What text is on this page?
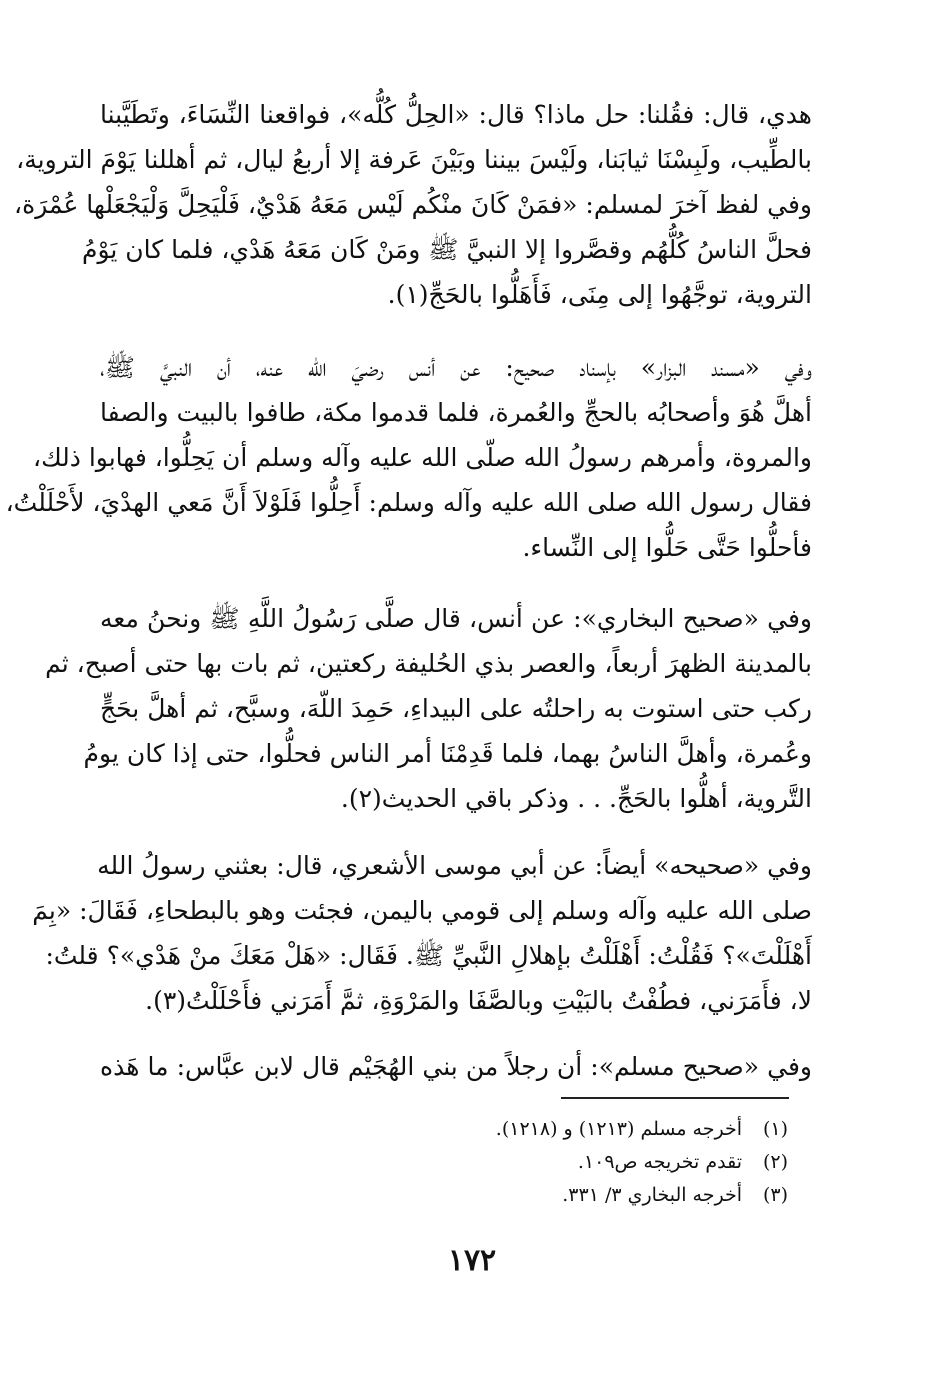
هدي، قال: فقُلنا: حل ماذا؟ قال: «الحِلُّ كُلُّه»، فواقعنا النِّسَاءَ، وتَطَيَّبنا
بالطِّيب، ولَبِسْنَا ثيابَنا، ولَيْسَ بيننا وبَيْنَ عَرفة إلا أربعُ ليال، ثم أهللنا يَوْمَ التروية،
وفي لفظ آخرَ لمسلم: «فمَنْ كَانَ منْكُم لَيْس مَعَهُ هَدْيٌ، فَلْيَحِلَّ وَلْيَجْعَلْها عُمْرَة،
فحلَّ الناسُ كُلُّهُم وقصَّروا إلا النبيَّ ﷺ ومَنْ كَان مَعَهُ هَدْي، فلما كان يَوْمُ
التروية، توجَّهُوا إلى مِنَى، فَأَهَلُّوا بالحَجِّ(١).
وفي «مسند البزار» بإسناد صحيح: عن أنس رضيَ الله عنه، أن النبيَّ ﷺ،
أهلَّ هُوَ وأصحابُه بالحجِّ والعُمرة، فلما قدموا مكة، طافوا بالبيت والصفا
والمروة، وأمرهم رسولُ الله صلّى الله عليه وآله وسلم أن يَحِلُّوا، فهابوا ذلك،
فقال رسول الله صلى الله عليه وآله وسلم: أَحِلُّوا فَلَوْلاَ أَنَّ مَعي الهدْيَ، لأَحْلَلْتُ،
فأحلُّوا حَتَّى حَلُّوا إلى النِّساء.
وفي «صحيح البخاري»: عن أنس، قال صلَّى رَسُولُ اللَّهِ ﷺ ونحنُ معه
بالمدينة الظهرَ أربعاً، والعصر بذي الحُليفة ركعتين، ثم بات بها حتى أصبح، ثم
ركب حتى استوت به راحلتُه على البيداءِ، حَمِدَ اللّهَ، وسبَّح، ثم أهلَّ بحَجٍّ
وعُمرة، وأهلَّ الناسُ بهما، فلما قَدِمْنَا أمر الناس فحلُّوا، حتى إذا كان يومُ
التَّروية، أهلُّوا بالحَجِّ. . . وذكر باقي الحديث(٢).
وفي «صحيحه» أيضاً: عن أبي موسى الأشعري، قال: بعثني رسولُ الله
صلى الله عليه وآله وسلم إلى قومي باليمن، فجئت وهو بالبطحاءِ، فَقَالَ: «بِمَ
أَهْلَلْتَ»؟ فَقُلْتُ: أَهْلَلْتُ بإهلالِ النَّبيِّ ﷺ. فَقَال: «هَلْ مَعَكَ منْ هَدْي»؟ قلتُ:
لا، فأَمَرَني، فطُفْتُ بالبَيْتِ وبالصَّفَا والمَرْوَةِ، ثمَّ أَمَرَني فأَحْلَلْتُ(٣).
وفي «صحيح مسلم»: أن رجلاً من بني الهُجَيْم قال لابن عبَّاس: ما هَذه
(١)
أخرجه مسلم (١٢١٣) و (١٢١٨).
(٢)
تقدم تخريجه ص١٠٩.
(٣)
أخرجه البخاري ٣/ ٣٣١.
١٧٢
